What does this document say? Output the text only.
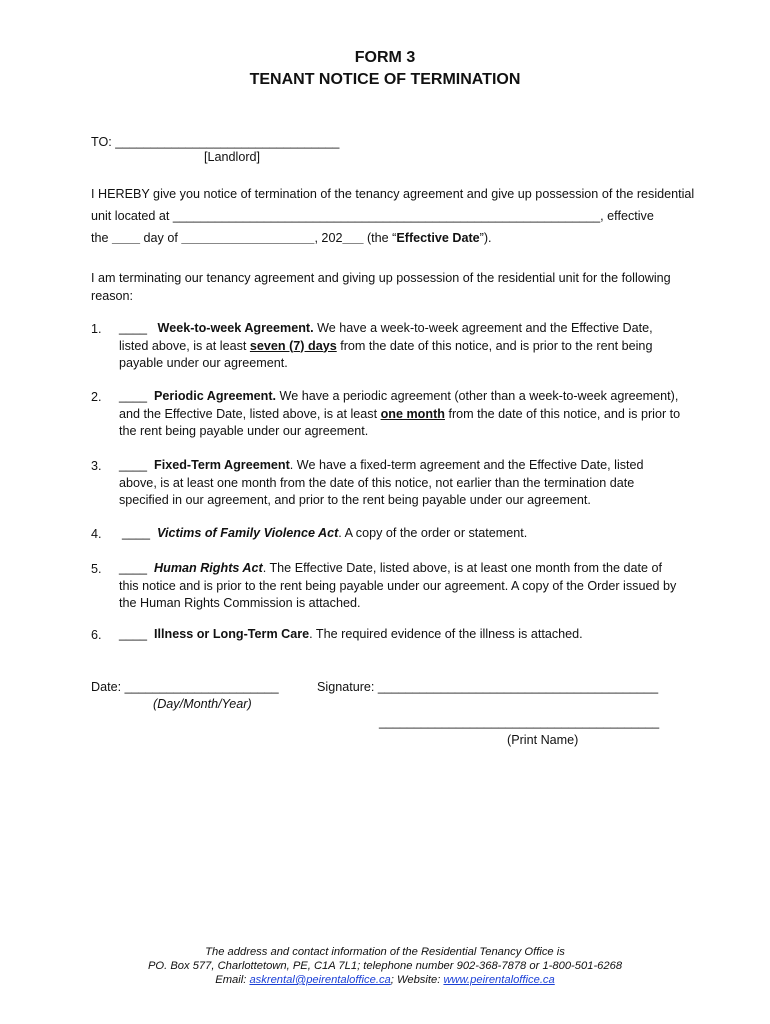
FORM 3
TENANT NOTICE OF TERMINATION
TO: ________________________________
[Landlord]
I HEREBY give you notice of termination of the tenancy agreement and give up possession of the residential
unit located at _____________________________________________________________, effective
the ____ day of ___________________, 202___ (the “Effective Date”).
I am terminating our tenancy agreement and giving up possession of the residential unit for the following
reason:
1. ____ Week-to-week Agreement. We have a week-to-week agreement and the Effective Date, listed above, is at least seven (7) days from the date of this notice, and is prior to the rent being payable under our agreement.
2. ____ Periodic Agreement. We have a periodic agreement (other than a week-to-week agreement), and the Effective Date, listed above, is at least one month from the date of this notice, and is prior to the rent being payable under our agreement.
3. ____ Fixed-Term Agreement. We have a fixed-term agreement and the Effective Date, listed above, is at least one month from the date of this notice, not earlier than the termination date specified in our agreement, and prior to the rent being payable under our agreement.
4. ____ Victims of Family Violence Act. A copy of the order or statement.
5. ____ Human Rights Act. The Effective Date, listed above, is at least one month from the date of this notice and is prior to the rent being payable under our agreement. A copy of the Order issued by the Human Rights Commission is attached.
6. ____ Illness or Long-Term Care. The required evidence of the illness is attached.
Date: ______________________
(Day/Month/Year)
Signature: ________________________________________
________________________________________
(Print Name)
The address and contact information of the Residential Tenancy Office is
PO. Box 577, Charlottetown, PE, C1A 7L1; telephone number 902-368-7878 or 1-800-501-6268
Email: askrental@peirentaloffice.ca; Website: www.peirentaloffice.ca
